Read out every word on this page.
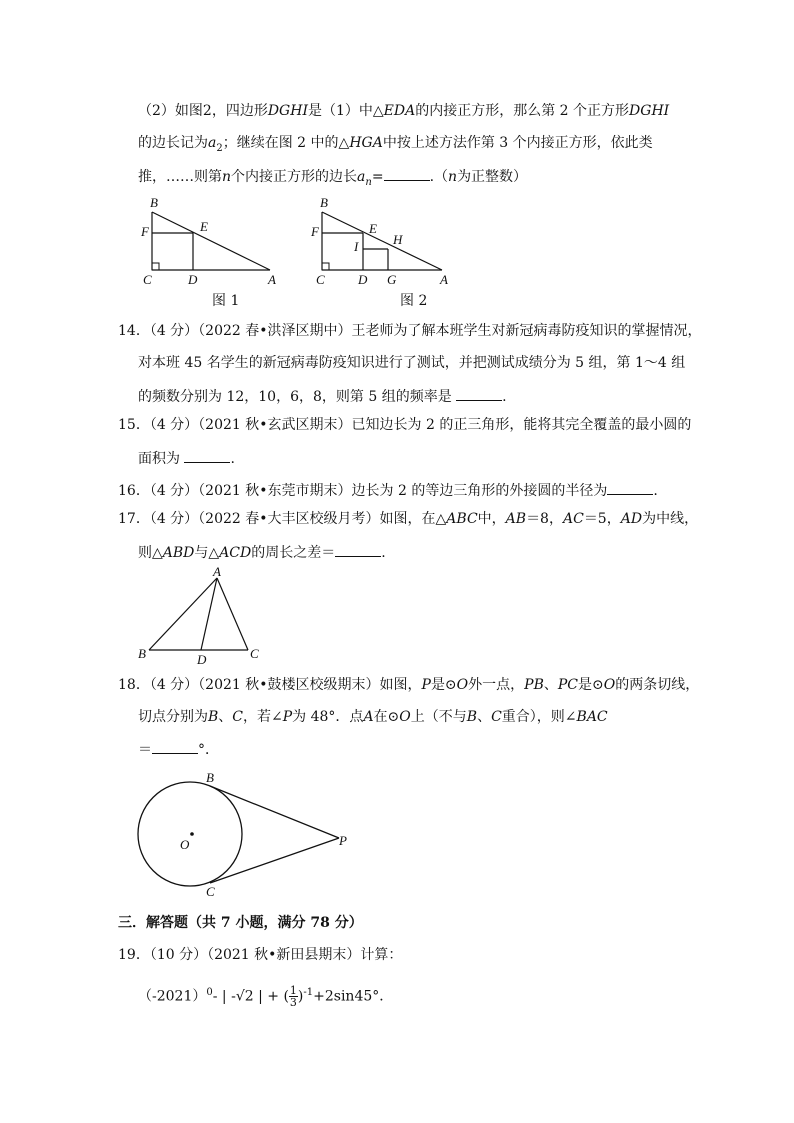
（2）如图2，四边形DGHI是（1）中△EDA的内接正方形，那么第 2 个正方形DGHI
的边长记为$a_2$；继续在图 2 中的△HGA中按上述方法作第 3 个内接正方形，依此类
推，……则第n个内接正方形的边长$a_n=$	.（n为正整数）
B
F	E
C	D	A
图 1
B
F	E
H
I
C	D G	A
图 2
14．（4 分）（2022 春•洪泽区期中）王老师为了解本班学生对新冠病毒防疫知识的掌握情况，
对本班 45 名学生的新冠病毒防疫知识进行了测试，并把测试成绩分为 5 组，第 1～4 组
的频数分别为 12，10，6，8，则第 5 组的频率是	.
15．（4 分）（2021 秋•玄武区期末）已知边长为 2 的正三角形，能将其完全覆盖的最小圆的
面积为	.
16．（4 分）（2021 秋•东莞市期末）边长为 2 的等边三角形的外接圆的半径为	.
17．（4 分）（2022 春•大丰区校级月考）如图，在△ABC中，AB＝8，AC＝5，AD为中线，
则△ABD与△ACD的周长之差＝	.
A
B	C
D
18．（4 分）（2021 秋•鼓楼区校级期末）如图，P是⊙O外一点，PB、PC是⊙O的两条切线，
切点分别为B、C，若∠P为 48°．点A在⊙O上（不与B、C重合），则∠BAC
＝	°．
B
C
O	P
三．解答题（共 7 小题，满分 78 分）
19．（10 分）（2021 秋•新田县期末）计算：
$(-2021)^0-$ | -√2 | + ( $\frac{1}{3} )^{-1}+2\sin 45^\circ$．
